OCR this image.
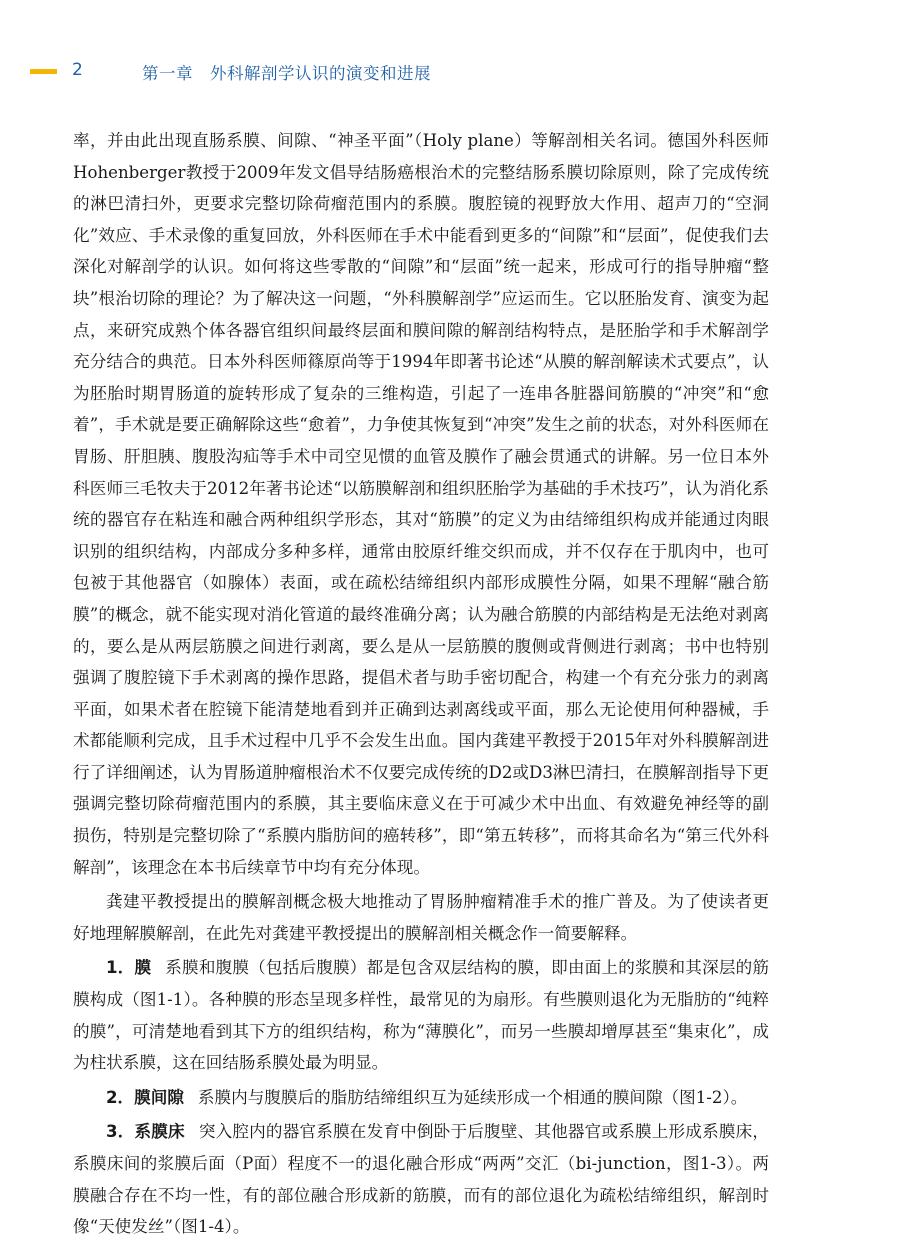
2	第一章　外科解剖学认识的演变和进展

率，并由此出现直肠系膜、间隙、“神圣平面”（Holy plane）等解剖相关名词。德国外科医师Hohenberger教授于2009年发文倡导结肠癌根治术的完整结肠系膜切除原则，除了完成传统的淋巴清扫外，更要求完整切除荷瘤范围内的系膜。腹腔镜的视野放大作用、超声刀的“空洞化”效应、手术录像的重复回放，外科医师在手术中能看到更多的“间隙”和“层面”，促使我们去深化对解剖学的认识。如何将这些零散的“间隙”和“层面”统一起来，形成可行的指导肿瘤“整块”根治切除的理论？为了解决这一问题，“外科膜解剖学”应运而生。它以胚胎发育、演变为起点，来研究成熟个体各器官组织间最终层面和膜间隙的解剖结构特点，是胚胎学和手术解剖学充分结合的典范。日本外科医师篠原尚等于1994年即著书论述“从膜的解剖解读术式要点”，认为胚胎时期胃肠道的旋转形成了复杂的三维构造，引起了一连串各脏器间筋膜的“冲突”和“愈着”，手术就是要正确解除这些“愈着”，力争使其恢复到“冲突”发生之前的状态，对外科医师在胃肠、肝胆胰、腹股沟疝等手术中司空见惯的血管及膜作了融会贯通式的讲解。另一位日本外科医师三毛牧夫于2012年著书论述“以筋膜解剖和组织胚胎学为基础的手术技巧”，认为消化系统的器官存在粘连和融合两种组织学形态，其对“筋膜”的定义为由结缔组织构成并能通过肉眼识别的组织结构，内部成分多种多样，通常由胶原纤维交织而成，并不仅存在于肌肉中，也可包被于其他器官（如腺体）表面，或在疏松结缔组织内部形成膜性分隔，如果不理解“融合筋膜”的概念，就不能实现对消化管道的最终准确分离；认为融合筋膜的内部结构是无法绝对剥离的，要么是从两层筋膜之间进行剥离，要么是从一层筋膜的腹侧或背侧进行剥离；书中也特别强调了腹腔镜下手术剥离的操作思路，提倡术者与助手密切配合，构建一个有充分张力的剥离平面，如果术者在腔镜下能清楚地看到并正确到达剥离线或平面，那么无论使用何种器械，手术都能顺利完成，且手术过程中几乎不会发生出血。国内龚建平教授于2015年对外科膜解剖进行了详细阐述，认为胃肠道肿瘤根治术不仅要完成传统的D2或D3淋巴清扫，在膜解剖指导下更强调完整切除荷瘤范围内的系膜，其主要临床意义在于可减少术中出血、有效避免神经等的副损伤，特别是完整切除了“系膜内脂肪间的癌转移”，即“第五转移”，而将其命名为“第三代外科解剖”，该理念在本书后续章节中均有充分体现。

龚建平教授提出的膜解剖概念极大地推动了胃肠肿瘤精准手术的推广普及。为了使读者更好地理解膜解剖，在此先对龚建平教授提出的膜解剖相关概念作一简要解释。

1．膜 系膜和腹膜（包括后腹膜）都是包含双层结构的膜，即由面上的浆膜和其深层的筋膜构成（图1-1）。各种膜的形态呈现多样性，最常见的为扇形。有些膜则退化为无脂肪的“纯粹的膜”，可清楚地看到其下方的组织结构，称为“薄膜化”，而另一些膜却增厚甚至“集束化”，成为柱状系膜，这在回结肠系膜处最为明显。

2．膜间隙 系膜内与腹膜后的脂肪结缔组织互为延续形成一个相通的膜间隙（图1-2）。

3．系膜床 突入腔内的器官系膜在发育中倒卧于后腹壁、其他器官或系膜上形成系膜床，系膜床间的浆膜后面（P面）程度不一的退化融合形成“两两”交汇（bi-junction，图1-3）。两膜融合存在不均一性，有的部位融合形成新的筋膜，而有的部位退化为疏松结缔组织，解剖时像“天使发丝”（图1-4）。
